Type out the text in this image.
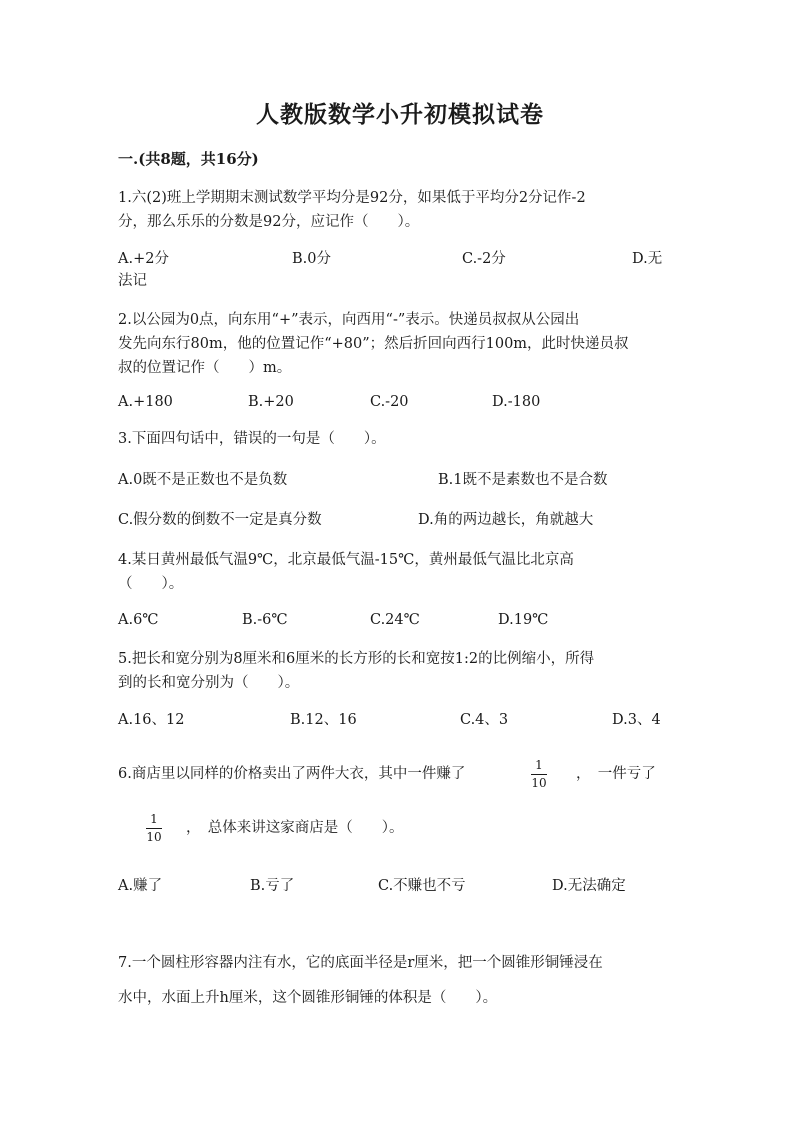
人教版数学小升初模拟试卷
一.(共8题，共16分)
1.六(2)班上学期期末测试数学平均分是92分，如果低于平均分2分记作-2
分，那么乐乐的分数是92分，应记作（　　）。
A.+2分	B.0分	C.-2分	D.无
法记
2.以公园为0点，向东用“+”表示，向西用“-”表示。快递员叔叔从公园出
发先向东行80m，他的位置记作“+80”；然后折回向西行100m，此时快递员叔
叔的位置记作（　　）m。
A.+180	B.+20	C.-20	D.-180
3.下面四句话中，错误的一句是（　　）。
A.0既不是正数也不是负数	B.1既不是素数也不是合数
C.假分数的倒数不一定是真分数	D.角的两边越长，角就越大
4.某日黄州最低气温9℃，北京最低气温-15℃，黄州最低气温比北京高
（　　）。
A.6℃	B.-6℃	C.24℃	D.19℃
5.把长和宽分别为8厘米和6厘米的长方形的长和宽按1:2的比例缩小，所得
到的长和宽分别为（　　）。
A.16、12	B.12、16	C.4、3	D.3、4
6.商店里以同样的价格卖出了两件大衣，其中一件赚了
1
10
，　一件亏了
1
10
，　总体来讲这家商店是（　　）。
A.赚了	B.亏了	C.不赚也不亏	D.无法确定
7.一个圆柱形容器内注有水，它的底面半径是r厘米，把一个圆锥形铜锤浸在
水中，水面上升h厘米，这个圆锥形铜锤的体积是（　　）。
